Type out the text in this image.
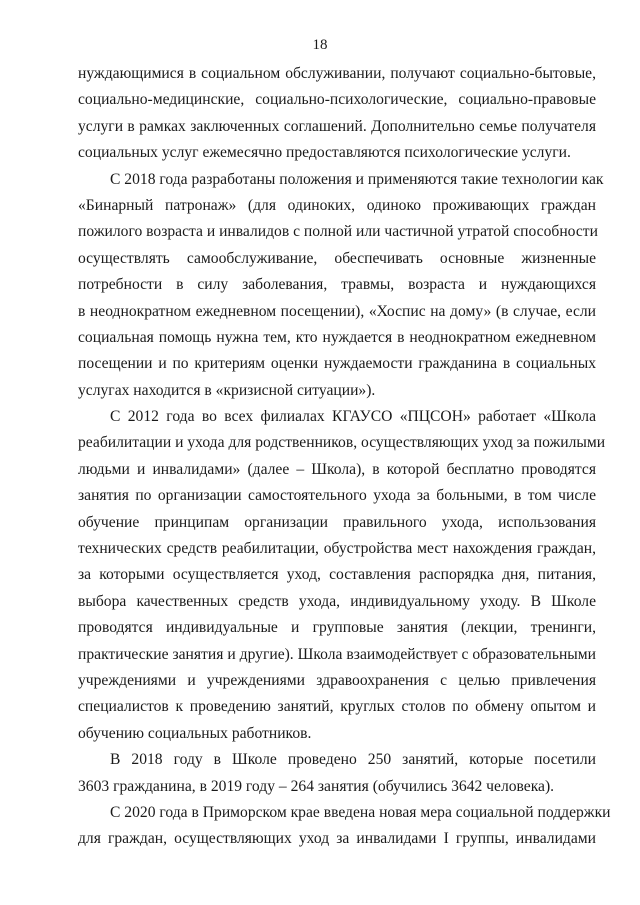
18
нуждающимися в социальном обслуживании, получают социально-бытовые,
социально-медицинские, социально-психологические, социально-правовые
услуги в рамках заключенных соглашений. Дополнительно семье получателя
социальных услуг ежемесячно предоставляются психологические услуги.
С 2018 года разработаны положения и применяются такие технологии как
«Бинарный патронаж» (для одиноких, одиноко проживающих граждан
пожилого возраста и инвалидов с полной или частичной утратой способности
осуществлять самообслуживание, обеспечивать основные жизненные
потребности в силу заболевания, травмы, возраста и нуждающихся
в неоднократном ежедневном посещении), «Хоспис на дому» (в случае, если
социальная помощь нужна тем, кто нуждается в неоднократном ежедневном
посещении и по критериям оценки нуждаемости гражданина в социальных
услугах находится в «кризисной ситуации»).
С 2012 года во всех филиалах КГАУСО «ПЦСОН» работает «Школа
реабилитации и ухода для родственников, осуществляющих уход за пожилыми
людьми и инвалидами» (далее – Школа), в которой бесплатно проводятся
занятия по организации самостоятельного ухода за больными, в том числе
обучение принципам организации правильного ухода, использования
технических средств реабилитации, обустройства мест нахождения граждан,
за которыми осуществляется уход, составления распорядка дня, питания,
выбора качественных средств ухода, индивидуальному уходу. В Школе
проводятся индивидуальные и групповые занятия (лекции, тренинги,
практические занятия и другие). Школа взаимодействует с образовательными
учреждениями и учреждениями здравоохранения с целью привлечения
специалистов к проведению занятий, круглых столов по обмену опытом и
обучению социальных работников.
В 2018 году в Школе проведено 250 занятий, которые посетили
3603 гражданина, в 2019 году – 264 занятия (обучились 3642 человека).
С 2020 года в Приморском крае введена новая мера социальной поддержки
для граждан, осуществляющих уход за инвалидами I группы, инвалидами
